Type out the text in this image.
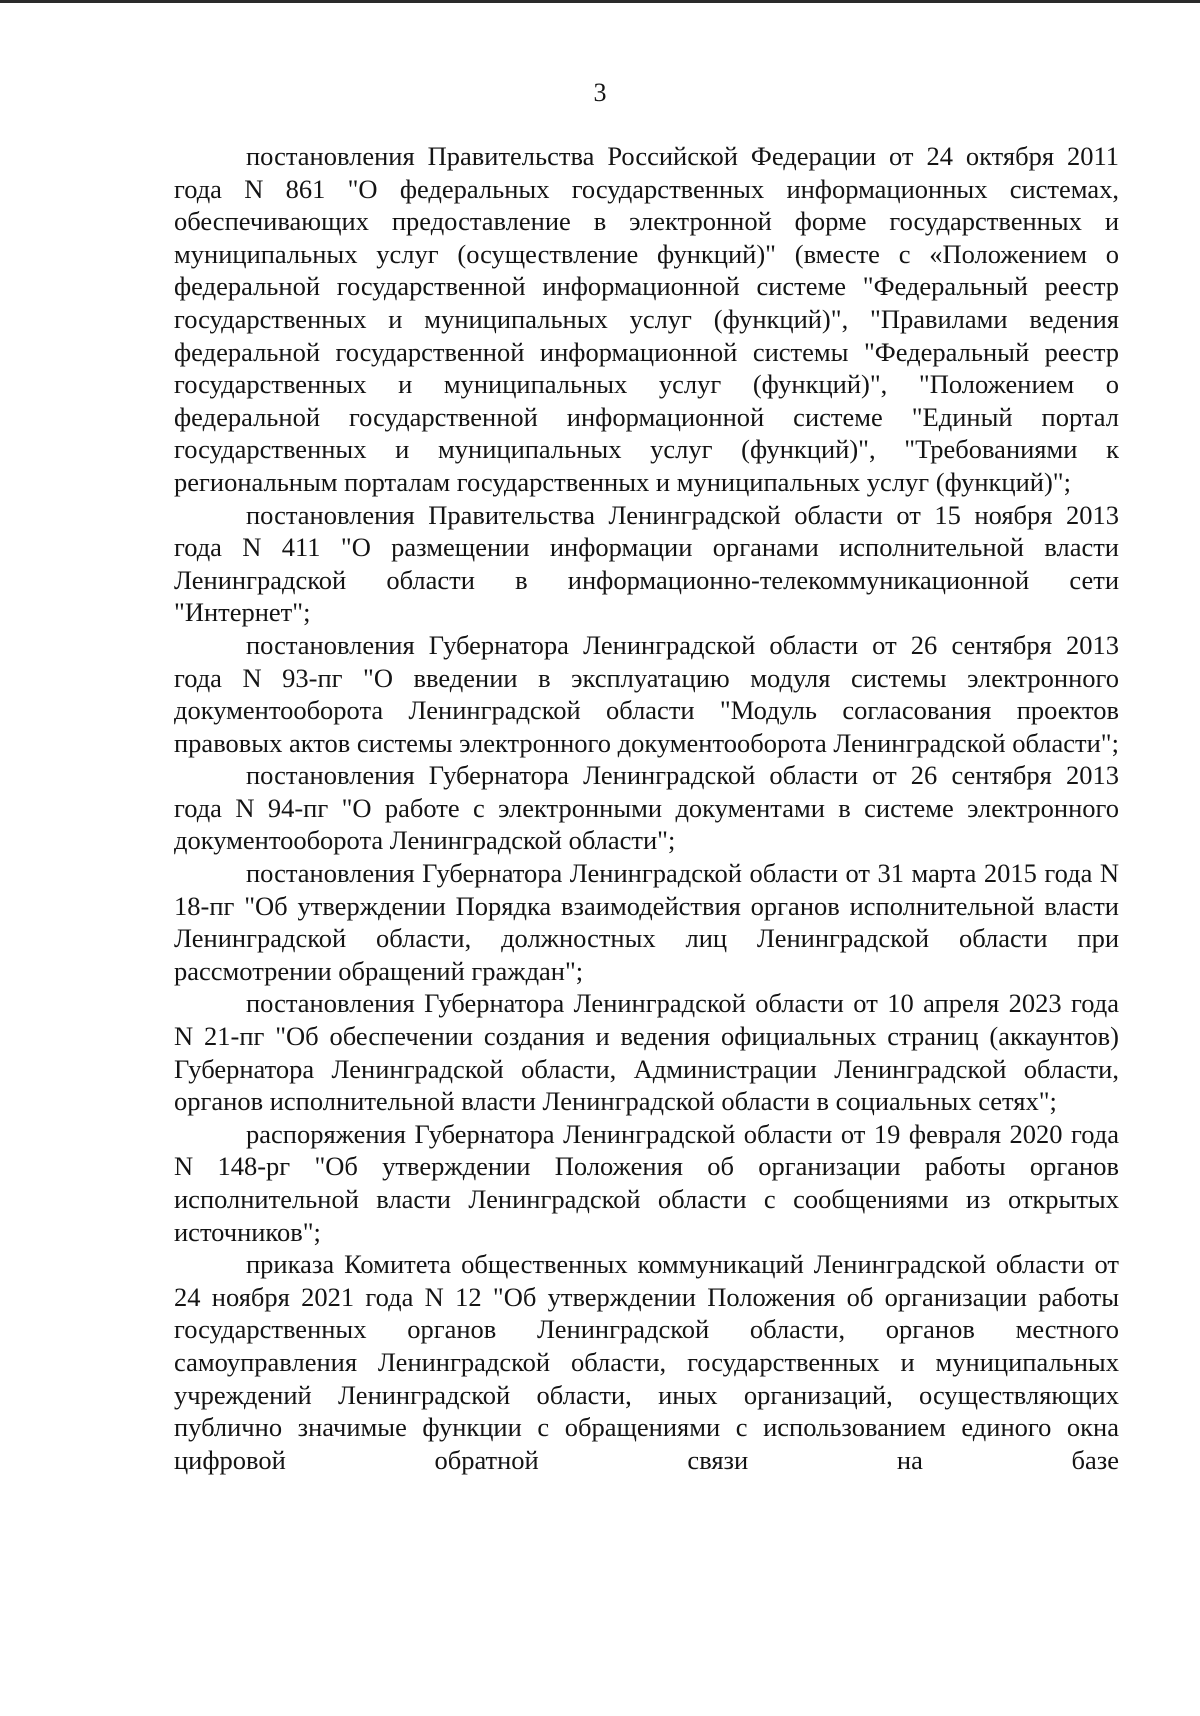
3

постановления Правительства Российской Федерации от 24 октября 2011 года N 861 "О федеральных государственных информационных системах, обеспечивающих предоставление в электронной форме государственных и муниципальных услуг (осуществление функций)" (вместе с «Положением о федеральной государственной информационной системе "Федеральный реестр государственных и муниципальных услуг (функций)", "Правилами ведения федеральной государственной информационной системы "Федеральный реестр государственных и муниципальных услуг (функций)", "Положением о федеральной государственной информационной системе "Единый портал государственных и муниципальных услуг (функций)", "Требованиями к региональным порталам государственных и муниципальных услуг (функций)";

постановления Правительства Ленинградской области от 15 ноября 2013 года N 411 "О размещении информации органами исполнительной власти Ленинградской области в информационно-телекоммуникационной сети "Интернет";

постановления Губернатора Ленинградской области от 26 сентября 2013 года N 93-пг "О введении в эксплуатацию модуля системы электронного документооборота Ленинградской области "Модуль согласования проектов правовых актов системы электронного документооборота Ленинградской области";

постановления Губернатора Ленинградской области от 26 сентября 2013 года N 94-пг "О работе с электронными документами в системе электронного документооборота Ленинградской области";

постановления Губернатора Ленинградской области от 31 марта 2015 года N 18-пг "Об утверждении Порядка взаимодействия органов исполнительной власти Ленинградской области, должностных лиц Ленинградской области при рассмотрении обращений граждан";

постановления Губернатора Ленинградской области от 10 апреля 2023 года N 21-пг "Об обеспечении создания и ведения официальных страниц (аккаунтов) Губернатора Ленинградской области, Администрации Ленинградской области, органов исполнительной власти Ленинградской области в социальных сетях";

распоряжения Губернатора Ленинградской области от 19 февраля 2020 года N 148-рг "Об утверждении Положения об организации работы органов исполнительной власти Ленинградской области с сообщениями из открытых источников";

приказа Комитета общественных коммуникаций Ленинградской области от 24 ноября 2021 года N 12 "Об утверждении Положения об организации работы государственных органов Ленинградской области, органов местного самоуправления Ленинградской области, государственных и муниципальных учреждений Ленинградской области, иных организаций, осуществляющих публично значимые функции с обращениями с использованием единого окна цифровой обратной связи на базе
